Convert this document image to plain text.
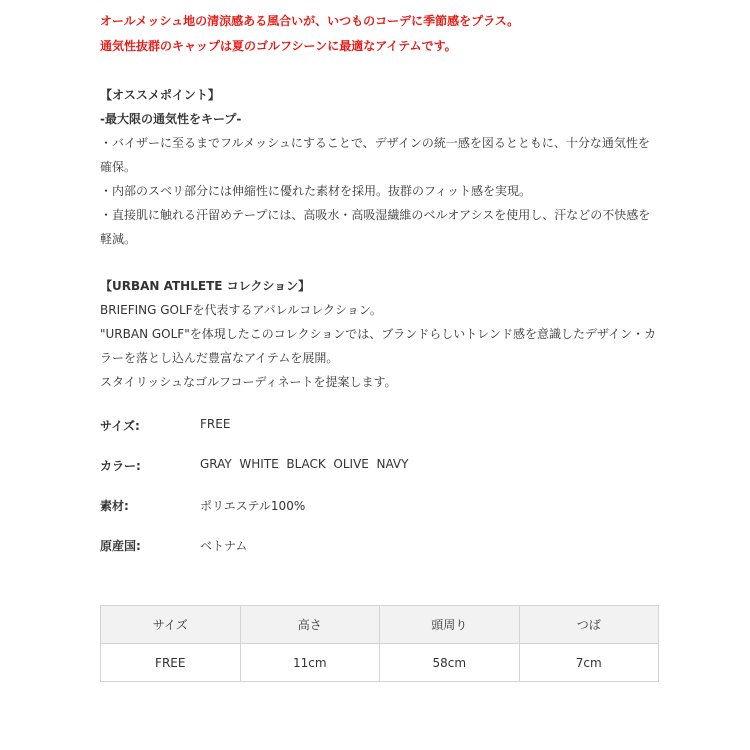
オールメッシュ地の清涼感ある風合いが、いつものコーデに季節感をプラス。
通気性抜群のキャップは夏のゴルフシーンに最適なアイテムです。
【オススメポイント】
-最大限の通気性をキープ-
・バイザーに至るまでフルメッシュにすることで、デザインの統一感を図るとともに、十分な通気性を
確保。
・内部のスベリ部分には伸縮性に優れた素材を採用。抜群のフィット感を実現。
・直接肌に触れる汗留めテープには、高吸水・高吸湿繊維のベルオアシスを使用し、汗などの不快感を
軽減。
【URBAN ATHLETE コレクション】
BRIEFING GOLFを代表するアパレルコレクション。
"URBAN GOLF"を体現したこのコレクションでは、ブランドらしいトレンド感を意識したデザイン・カ
ラーを落とし込んだ豊富なアイテムを展開。
スタイリッシュなゴルフコーディネートを提案します。
サイズ:	FREE
カラー:	GRAY  WHITE  BLACK  OLIVE  NAVY
素材:	ポリエステル100%
原産国:	ベトナム
サイズ	高さ	頭周り	つば
FREE	11cm	58cm	7cm
